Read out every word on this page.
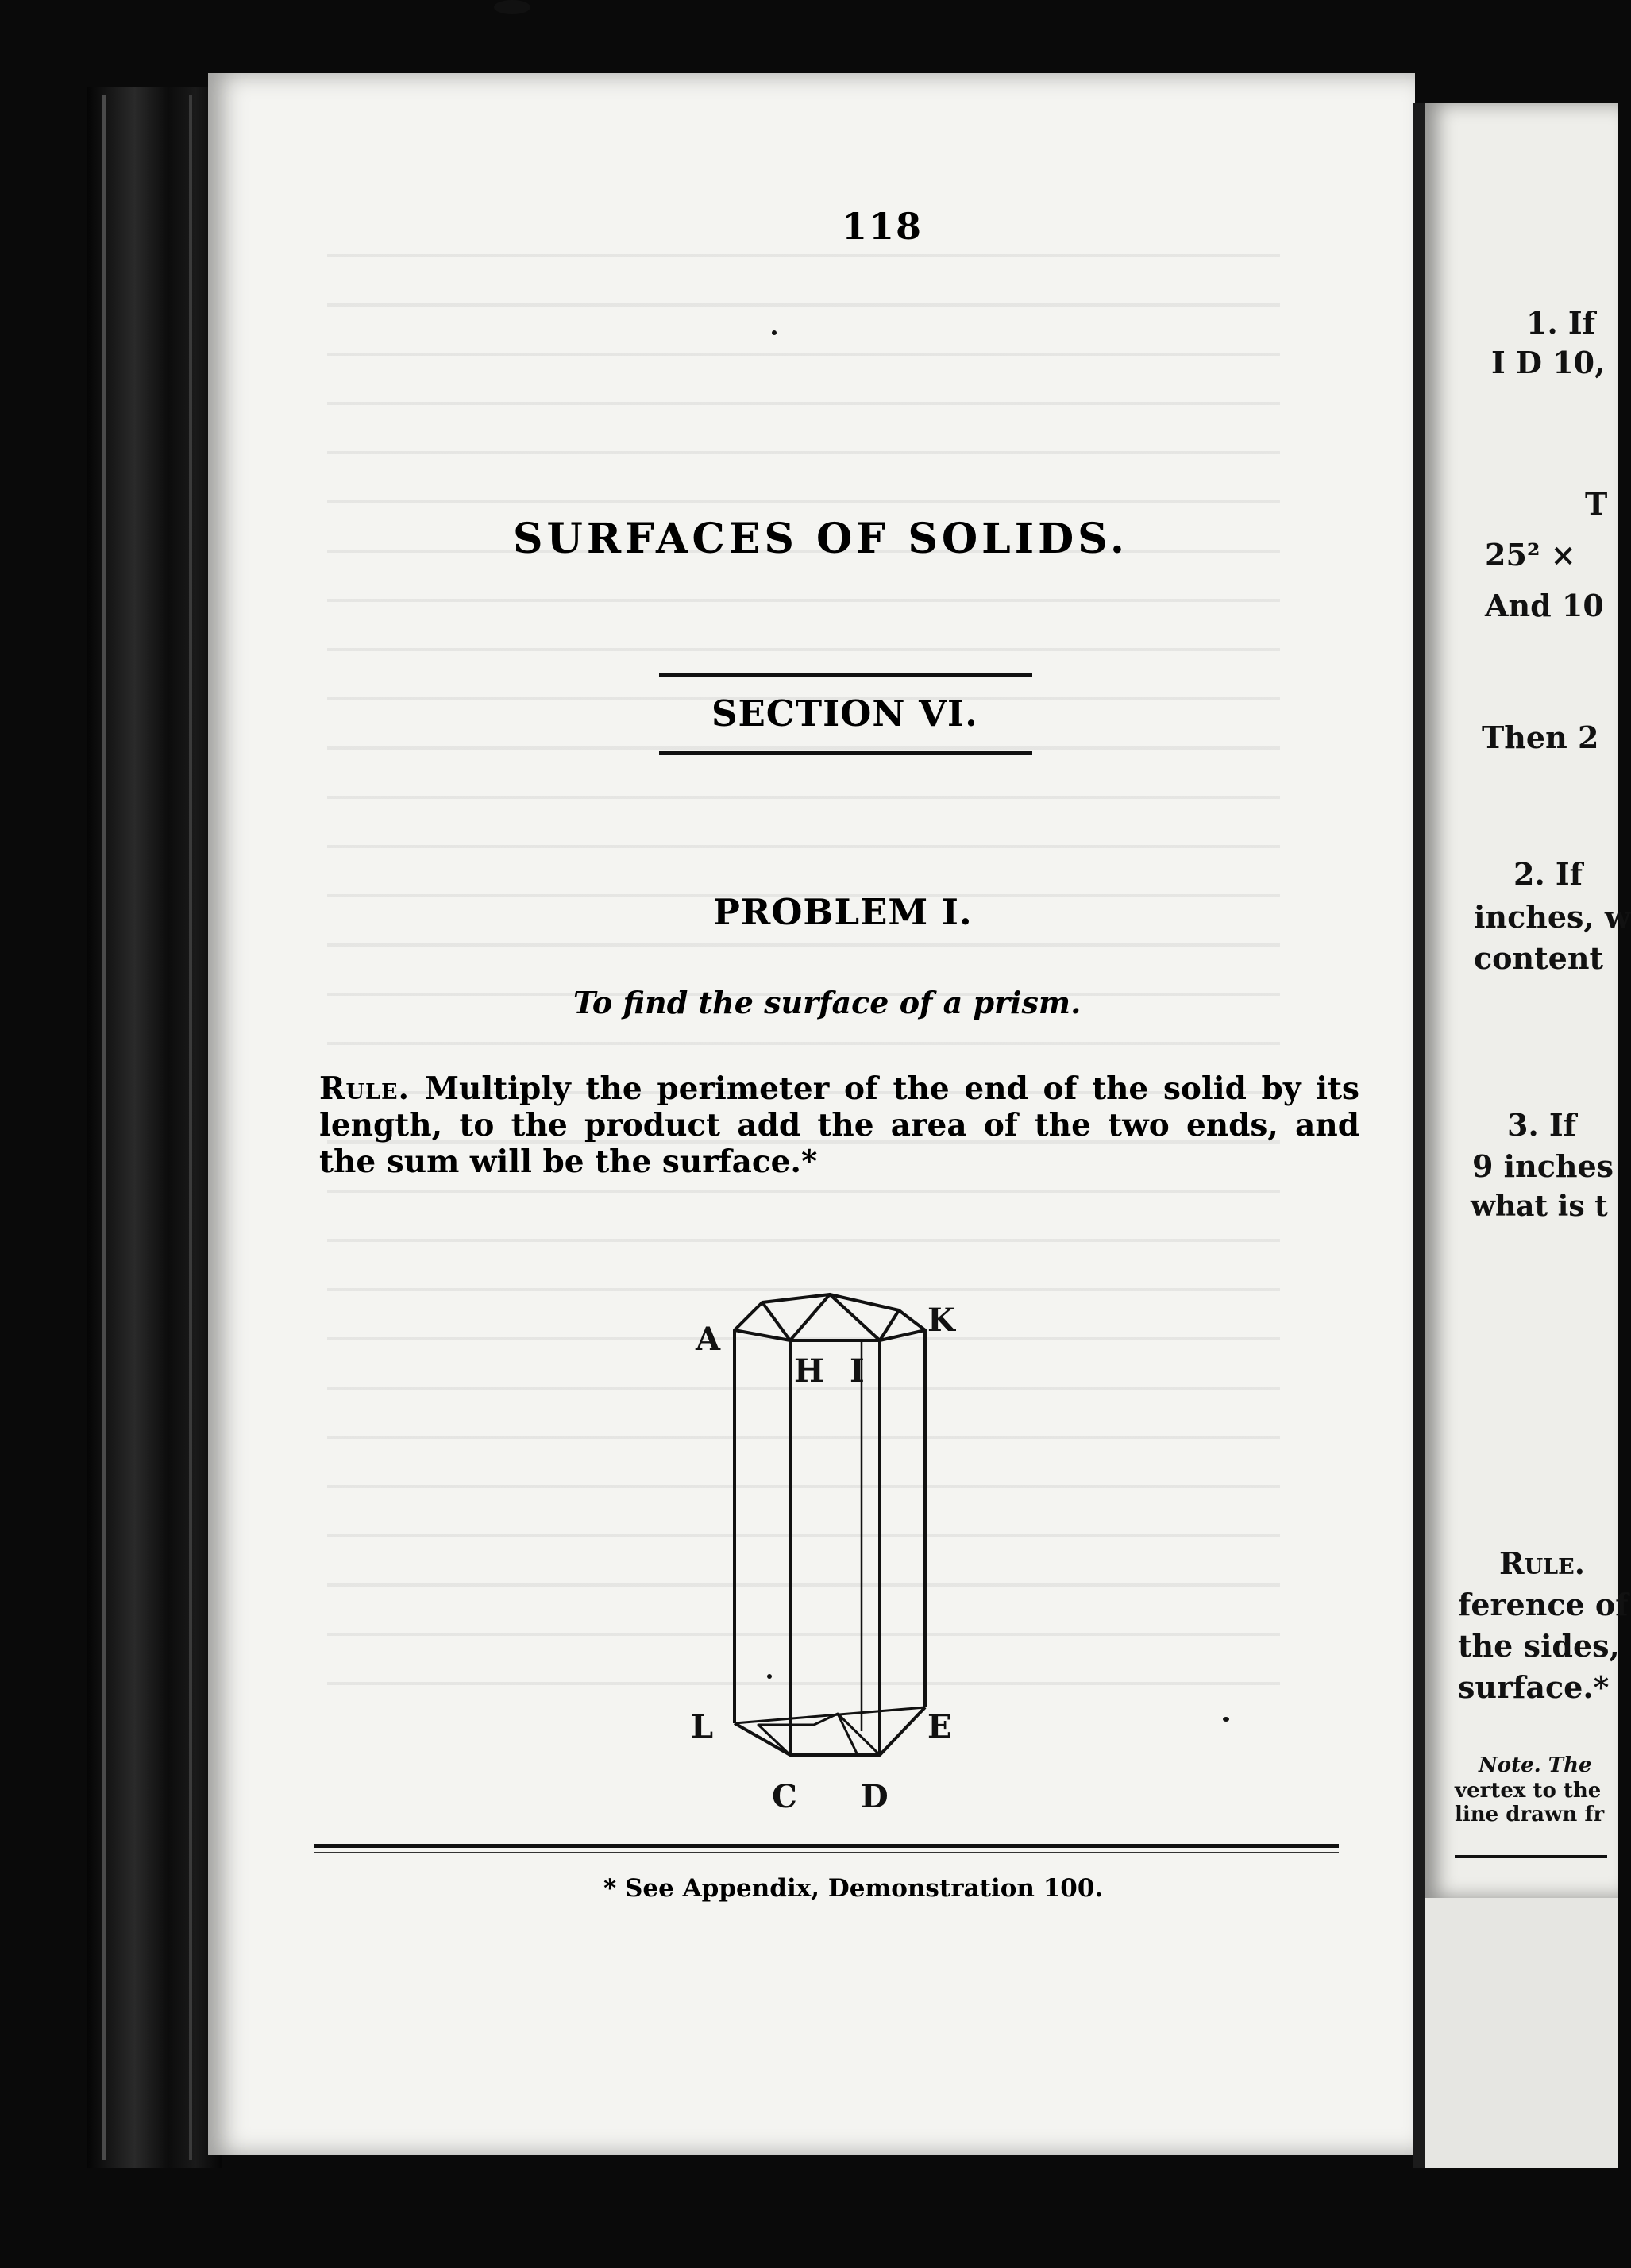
118
SURFACES OF SOLIDS.
SECTION VI.
PROBLEM I.
To find the surface of a prism.
Rule. Multiply the perimeter of the end of the solid by its length, to the product add the area of the two ends, and the sum will be the surface.*
A
K
H I
L	E
C D
* See Appendix, Demonstration 100.
1. If
I D 10,
T
25² ×
And 10
Then 2
2. If
inches, w
content
3. If
9 inches
what is t
Rule.
ference of
the sides,
surface.*
Note. The
vertex to the
line drawn fr
